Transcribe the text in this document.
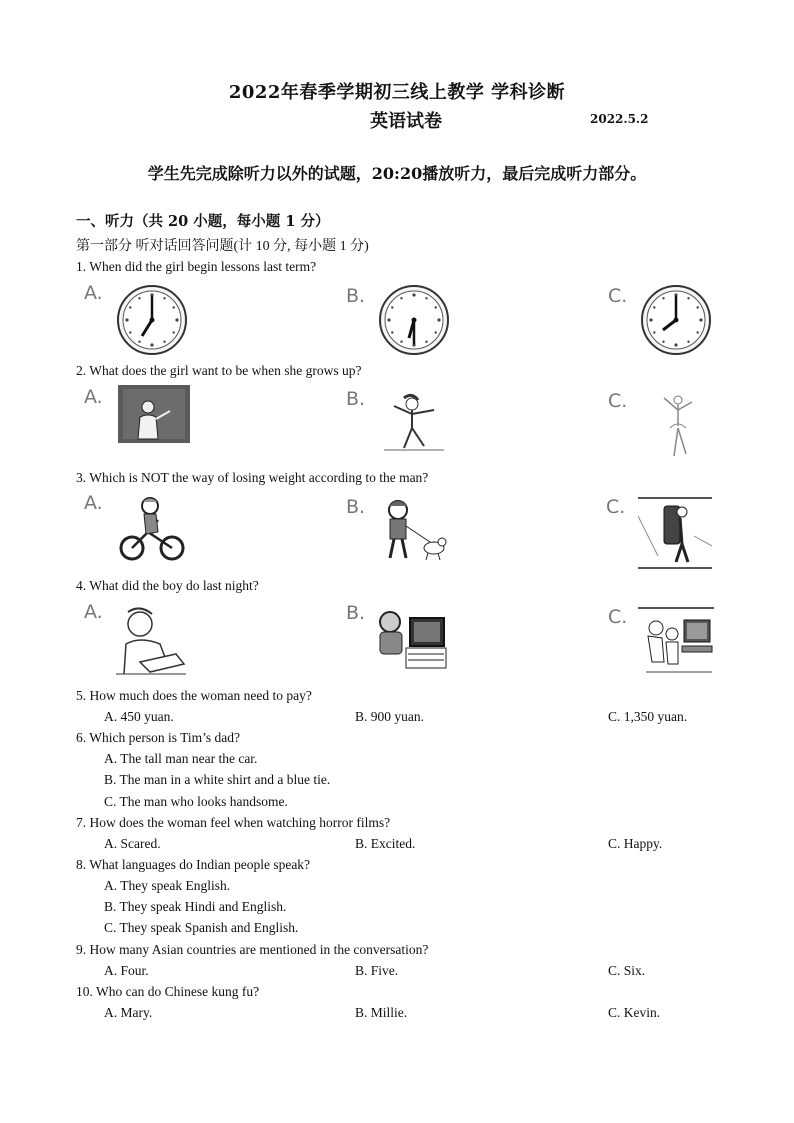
2022年春季学期初三线上教学 学科诊断
英语试卷	2022.5.2
学生先完成除听力以外的试题，20:20播放听力，最后完成听力部分。
一、听力（共 20 小题，每小题 1 分）
第一部分 听对话回答问题(计 10 分, 每小题 1 分)
1. When did the girl begin lessons last term?
A.	B.	C.
2. What does the girl want to be when she grows up?
A.	B.	C.
3. Which is NOT the way of losing weight according to the man?
A.	B.	C.
4. What did the boy do last night?
A.	B.	C.
5. How much does the woman need to pay?
A. 450 yuan.	B. 900 yuan.	C. 1,350 yuan.
6. Which person is Tim’s dad?
A. The tall man near the car.
B. The man in a white shirt and a blue tie.
C. The man who looks handsome.
7. How does the woman feel when watching horror films?
A. Scared.	B. Excited.	C. Happy.
8. What languages do Indian people speak?
A. They speak English.
B. They speak Hindi and English.
C. They speak Spanish and English.
9. How many Asian countries are mentioned in the conversation?
A. Four.	B. Five.	C. Six.
10. Who can do Chinese kung fu?
A. Mary.	B. Millie.	C. Kevin.
